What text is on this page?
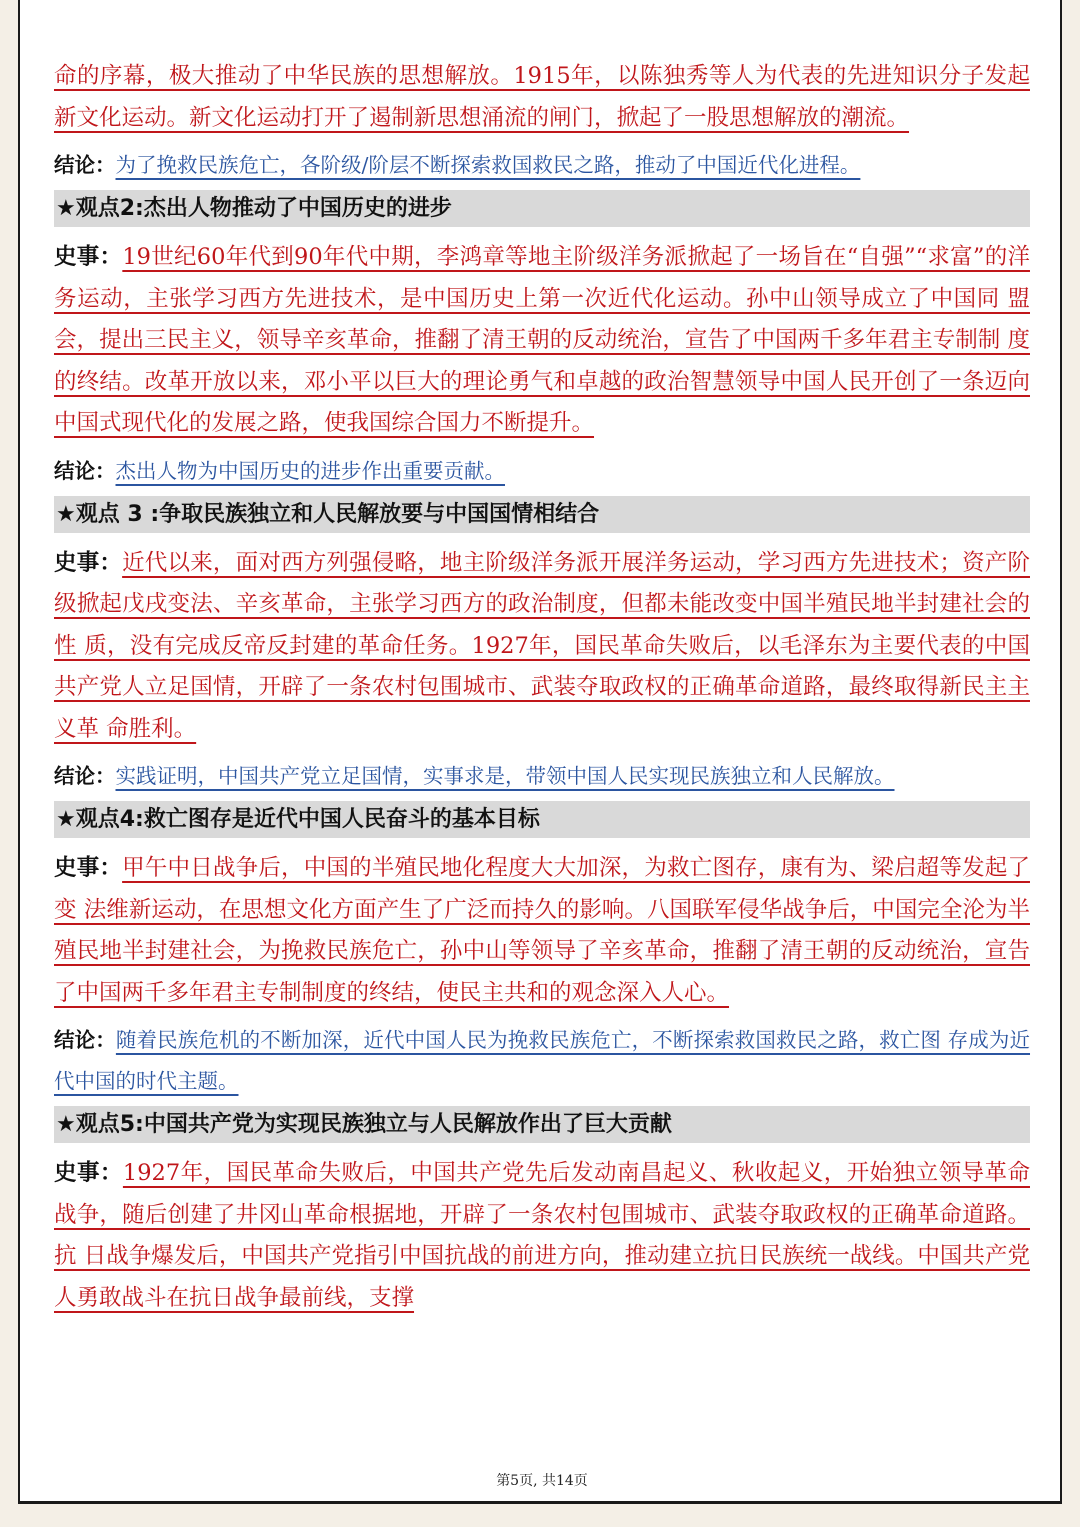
命的序幕，极大推动了中华民族的思想解放。1915年，以陈独秀等人为代表的先进知识分子发起新文化运动。新文化运动打开了遏制新思想涌流的闸门，掀起了一股思想解放的潮流。

结论：为了挽救民族危亡，各阶级/阶层不断探索救国救民之路，推动了中国近代化进程。

★观点2:杰出人物推动了中国历史的进步

史事：19世纪60年代到90年代中期，李鸿章等地主阶级洋务派掀起了一场旨在“自强”“求富”的洋务运动，主张学习西方先进技术，是中国历史上第一次近代化运动。孙中山领导成立了中国同 盟会，提出三民主义，领导辛亥革命，推翻了清王朝的反动统治，宣告了中国两千多年君主专制制 度的终结。改革开放以来，邓小平以巨大的理论勇气和卓越的政治智慧领导中国人民开创了一条迈向中国式现代化的发展之路，使我国综合国力不断提升。

结论：杰出人物为中国历史的进步作出重要贡献。

★观点 3 :争取民族独立和人民解放要与中国国情相结合

史事：近代以来，面对西方列强侵略，地主阶级洋务派开展洋务运动，学习西方先进技术；资产阶级掀起戊戌变法、辛亥革命，主张学习西方的政治制度，但都未能改变中国半殖民地半封建社会的性 质，没有完成反帝反封建的革命任务。1927年，国民革命失败后，以毛泽东为主要代表的中国共产党人立足国情，开辟了一条农村包围城市、武装夺取政权的正确革命道路，最终取得新民主主义革 命胜利。

结论：实践证明，中国共产党立足国情，实事求是，带领中国人民实现民族独立和人民解放。

★观点4:救亡图存是近代中国人民奋斗的基本目标

史事：甲午中日战争后，中国的半殖民地化程度大大加深，为救亡图存，康有为、梁启超等发起了变 法维新运动，在思想文化方面产生了广泛而持久的影响。八国联军侵华战争后，中国完全沦为半 殖民地半封建社会，为挽救民族危亡，孙中山等领导了辛亥革命，推翻了清王朝的反动统治，宣告了中国两千多年君主专制制度的终结，使民主共和的观念深入人心。

结论：随着民族危机的不断加深，近代中国人民为挽救民族危亡，不断探索救国救民之路，救亡图 存成为近代中国的时代主题。

★观点5:中国共产党为实现民族独立与人民解放作出了巨大贡献

史事：1927年，国民革命失败后，中国共产党先后发动南昌起义、秋收起义，开始独立领导革命战争，随后创建了井冈山革命根据地，开辟了一条农村包围城市、武装夺取政权的正确革命道路。抗 日战争爆发后，中国共产党指引中国抗战的前进方向，推动建立抗日民族统一战线。中国共产党人勇敢战斗在抗日战争最前线，支撑

第5页, 共14页
